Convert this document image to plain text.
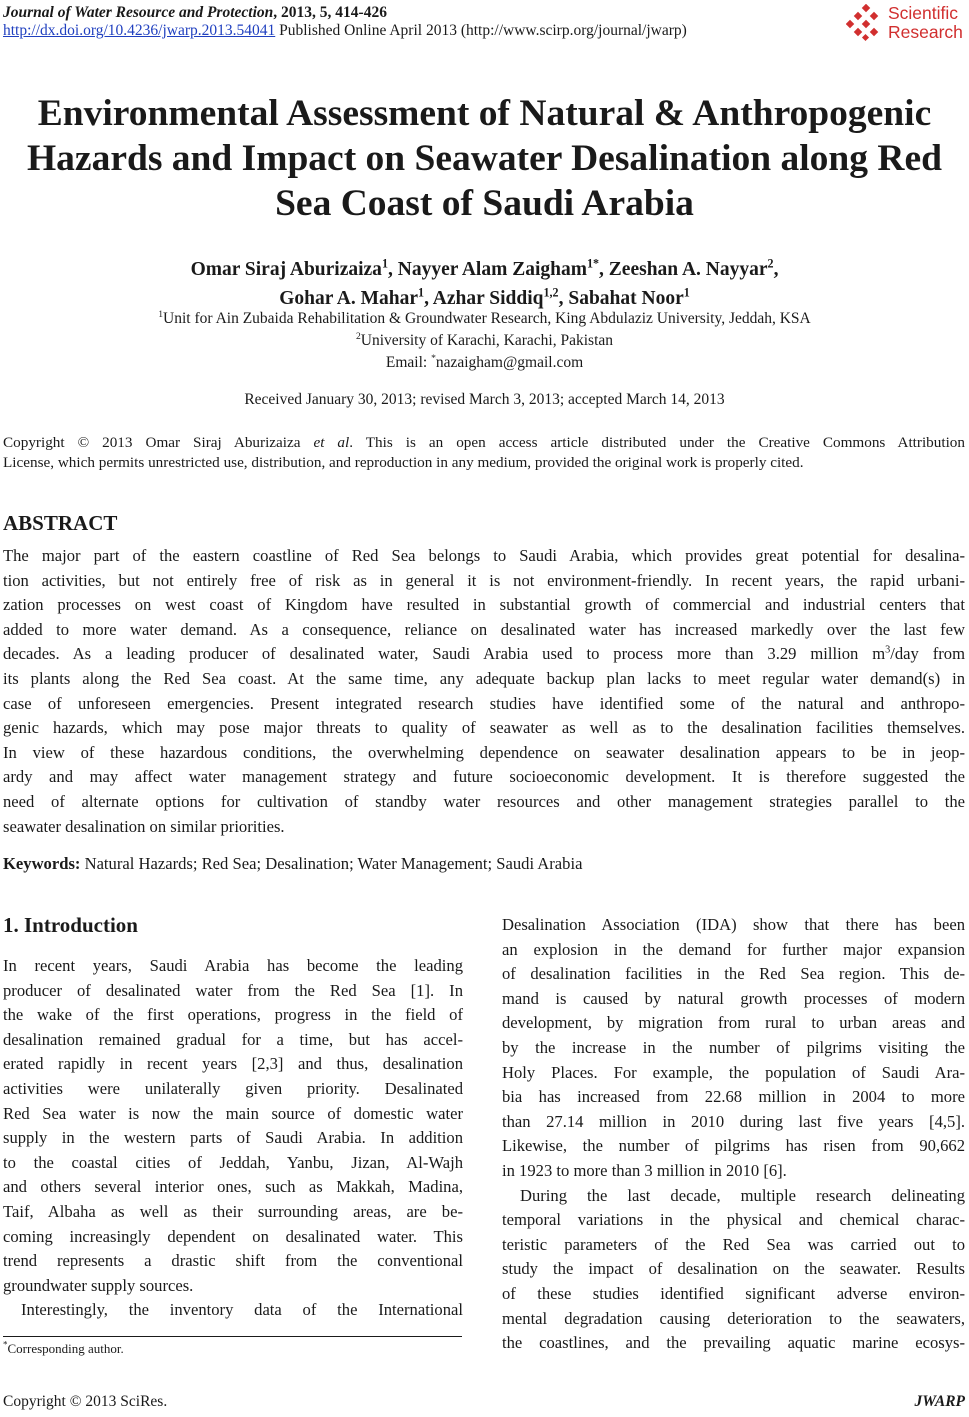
Journal of Water Resource and Protection, 2013, 5, 414-426
http://dx.doi.org/10.4236/jwarp.2013.54041 Published Online April 2013 (http://www.scirp.org/journal/jwarp)
Scientific
Research
Environmental Assessment of Natural & Anthropogenic
Hazards and Impact on Seawater Desalination along Red
Sea Coast of Saudi Arabia
Omar Siraj Aburizaiza$^1$, Nayyer Alam Zaigham$^{1*}$, Zeeshan A. Nayyar$^2$,
Gohar A. Mahar$^1$, Azhar Siddiq$^{1,2}$, Sabahat Noor$^1$
$^1$Unit for Ain Zubaida Rehabilitation & Groundwater Research, King Abdulaziz University, Jeddah, KSA
$^2$University of Karachi, Karachi, Pakistan
Email: *nazaigham@gmail.com
Received January 30, 2013; revised March 3, 2013; accepted March 14, 2013
Copyright © 2013 Omar Siraj Aburizaiza et al. This is an open access article distributed under the Creative Commons Attribution
License, which permits unrestricted use, distribution, and reproduction in any medium, provided the original work is properly cited.
ABSTRACT
The major part of the eastern coastline of Red Sea belongs to Saudi Arabia, which provides great potential for desalina-
tion activities, but not entirely free of risk as in general it is not environment-friendly. In recent years, the rapid urbani-
zation processes on west coast of Kingdom have resulted in substantial growth of commercial and industrial centers that
added to more water demand. As a consequence, reliance on desalinated water has increased markedly over the last few
decades. As a leading producer of desalinated water, Saudi Arabia used to process more than 3.29 million $m^3$/day from
its plants along the Red Sea coast. At the same time, any adequate backup plan lacks to meet regular water demand(s) in
case of unforeseen emergencies. Present integrated research studies have identified some of the natural and anthropo-
genic hazards, which may pose major threats to quality of seawater as well as to the desalination facilities themselves.
In view of these hazardous conditions, the overwhelming dependence on seawater desalination appears to be in jeop-
ardy and may affect water management strategy and future socioeconomic development. It is therefore suggested the
need of alternate options for cultivation of standby water resources and other management strategies parallel to the
seawater desalination on similar priorities.
Keywords: Natural Hazards; Red Sea; Desalination; Water Management; Saudi Arabia
1. Introduction
In recent years, Saudi Arabia has become the leading
producer of desalinated water from the Red Sea [1]. In
the wake of the first operations, progress in the field of
desalination remained gradual for a time, but has accel-
erated rapidly in recent years [2,3] and thus, desalination
activities were unilaterally given priority. Desalinated
Red Sea water is now the main source of domestic water
supply in the western parts of Saudi Arabia. In addition
to the coastal cities of Jeddah, Yanbu, Jizan, Al-Wajh
and others several interior ones, such as Makkah, Madina,
Taif, Albaha as well as their surrounding areas, are be-
coming increasingly dependent on desalinated water. This
trend represents a drastic shift from the conventional
groundwater supply sources.
Interestingly, the inventory data of the International
Desalination Association (IDA) show that there has been
an explosion in the demand for further major expansion
of desalination facilities in the Red Sea region. This de-
mand is caused by natural growth processes of modern
development, by migration from rural to urban areas and
by the increase in the number of pilgrims visiting the
Holy Places. For example, the population of Saudi Ara-
bia has increased from 22.68 million in 2004 to more
than 27.14 million in 2010 during last five years [4,5].
Likewise, the number of pilgrims has risen from 90,662
in 1923 to more than 3 million in 2010 [6].
During the last decade, multiple research delineating
temporal variations in the physical and chemical charac-
teristic parameters of the Red Sea was carried out to
study the impact of desalination on the seawater. Results
of these studies identified significant adverse environ-
mental degradation causing deterioration to the seawaters,
the coastlines, and the prevailing aquatic marine ecosys-
*Corresponding author.
Copyright © 2013 SciRes.	JWARP
